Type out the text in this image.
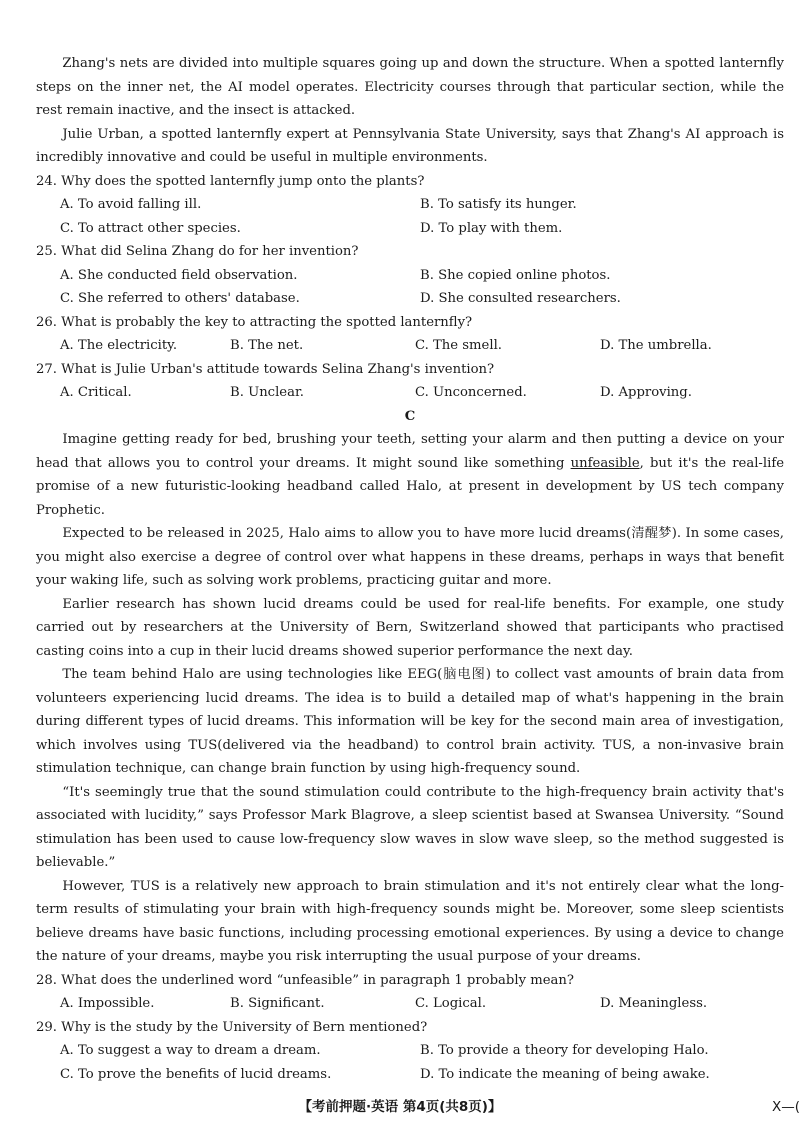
Zhang's nets are divided into multiple squares going up and down the structure. When a spotted lanternfly steps on the inner net, the AI model operates. Electricity courses through that particular section, while the rest remain inactive, and the insect is attacked.

Julie Urban, a spotted lanternfly expert at Pennsylvania State University, says that Zhang's AI approach is incredibly innovative and could be useful in multiple environments.

24. Why does the spotted lanternfly jump onto the plants?

A. To avoid falling ill.	B. To satisfy its hunger.
C. To attract other species.	D. To play with them.

25. What did Selina Zhang do for her invention?

A. She conducted field observation.	B. She copied online photos.
C. She referred to others' database.	D. She consulted researchers.

26. What is probably the key to attracting the spotted lanternfly?

A. The electricity.	B. The net.	C. The smell.	D. The umbrella.

27. What is Julie Urban's attitude towards Selina Zhang's invention?

A. Critical.	B. Unclear.	C. Unconcerned.	D. Approving.

C

Imagine getting ready for bed, brushing your teeth, setting your alarm and then putting a device on your head that allows you to control your dreams. It might sound like something unfeasible, but it's the real-life promise of a new futuristic-looking headband called Halo, at present in development by US tech company Prophetic.

Expected to be released in 2025, Halo aims to allow you to have more lucid dreams(清醒梦). In some cases, you might also exercise a degree of control over what happens in these dreams, perhaps in ways that benefit your waking life, such as solving work problems, practicing guitar and more.

Earlier research has shown lucid dreams could be used for real-life benefits. For example, one study carried out by researchers at the University of Bern, Switzerland showed that participants who practised casting coins into a cup in their lucid dreams showed superior performance the next day.

The team behind Halo are using technologies like EEG(脑电图) to collect vast amounts of brain data from volunteers experiencing lucid dreams. The idea is to build a detailed map of what's happening in the brain during different types of lucid dreams. This information will be key for the second main area of investigation, which involves using TUS(delivered via the headband) to control brain activity. TUS, a non-invasive brain stimulation technique, can change brain function by using high-frequency sound.

“It's seemingly true that the sound stimulation could contribute to the high-frequency brain activity that's associated with lucidity,” says Professor Mark Blagrove, a sleep scientist based at Swansea University. “Sound stimulation has been used to cause low-frequency slow waves in slow wave sleep, so the method suggested is believable.”

However, TUS is a relatively new approach to brain stimulation and it's not entirely clear what the long-term results of stimulating your brain with high-frequency sounds might be. Moreover, some sleep scientists believe dreams have basic functions, including processing emotional experiences. By using a device to change the nature of your dreams, maybe you risk interrupting the usual purpose of your dreams.

28. What does the underlined word “unfeasible” in paragraph 1 probably mean?

A. Impossible.	B. Significant.	C. Logical.	D. Meaningless.

29. Why is the study by the University of Bern mentioned?

A. To suggest a way to dream a dream.	B. To provide a theory for developing Halo.
C. To prove the benefits of lucid dreams.	D. To indicate the meaning of being awake.
【考前押题·英语 第4页(共8页)】	X—(
